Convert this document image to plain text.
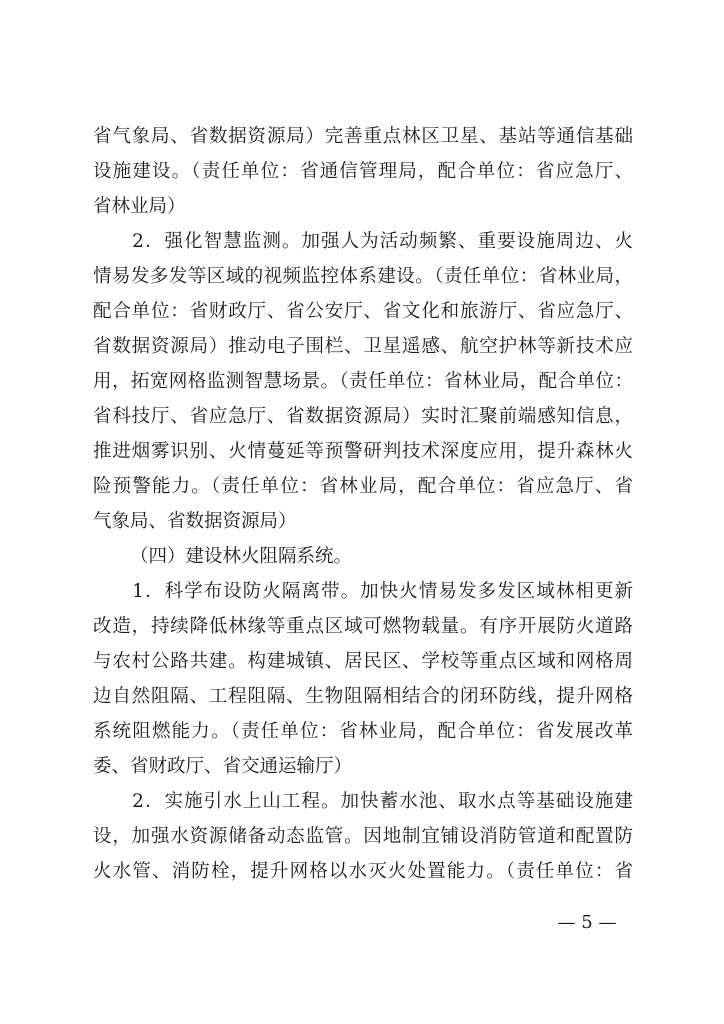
省气象局、省数据资源局）完善重点林区卫星、基站等通信基础
设施建设。（责任单位：省通信管理局，配合单位：省应急厅、
省林业局）
　　2．强化智慧监测。加强人为活动频繁、重要设施周边、火
情易发多发等区域的视频监控体系建设。（责任单位：省林业局，
配合单位：省财政厅、省公安厅、省文化和旅游厅、省应急厅、
省数据资源局）推动电子围栏、卫星遥感、航空护林等新技术应
用，拓宽网格监测智慧场景。（责任单位：省林业局，配合单位：
省科技厅、省应急厅、省数据资源局）实时汇聚前端感知信息，
推进烟雾识别、火情蔓延等预警研判技术深度应用，提升森林火
险预警能力。（责任单位：省林业局，配合单位：省应急厅、省
气象局、省数据资源局）
（四）建设林火阻隔系统。
　　1．科学布设防火隔离带。加快火情易发多发区域林相更新
改造，持续降低林缘等重点区域可燃物载量。有序开展防火道路
与农村公路共建。构建城镇、居民区、学校等重点区域和网格周
边自然阻隔、工程阻隔、生物阻隔相结合的闭环防线，提升网格
系统阻燃能力。（责任单位：省林业局，配合单位：省发展改革
委、省财政厅、省交通运输厅）
　　2．实施引水上山工程。加快蓄水池、取水点等基础设施建
设，加强水资源储备动态监管。因地制宜铺设消防管道和配置防
火水管、消防栓，提升网格以水灭火处置能力。（责任单位：省
— 5 —
